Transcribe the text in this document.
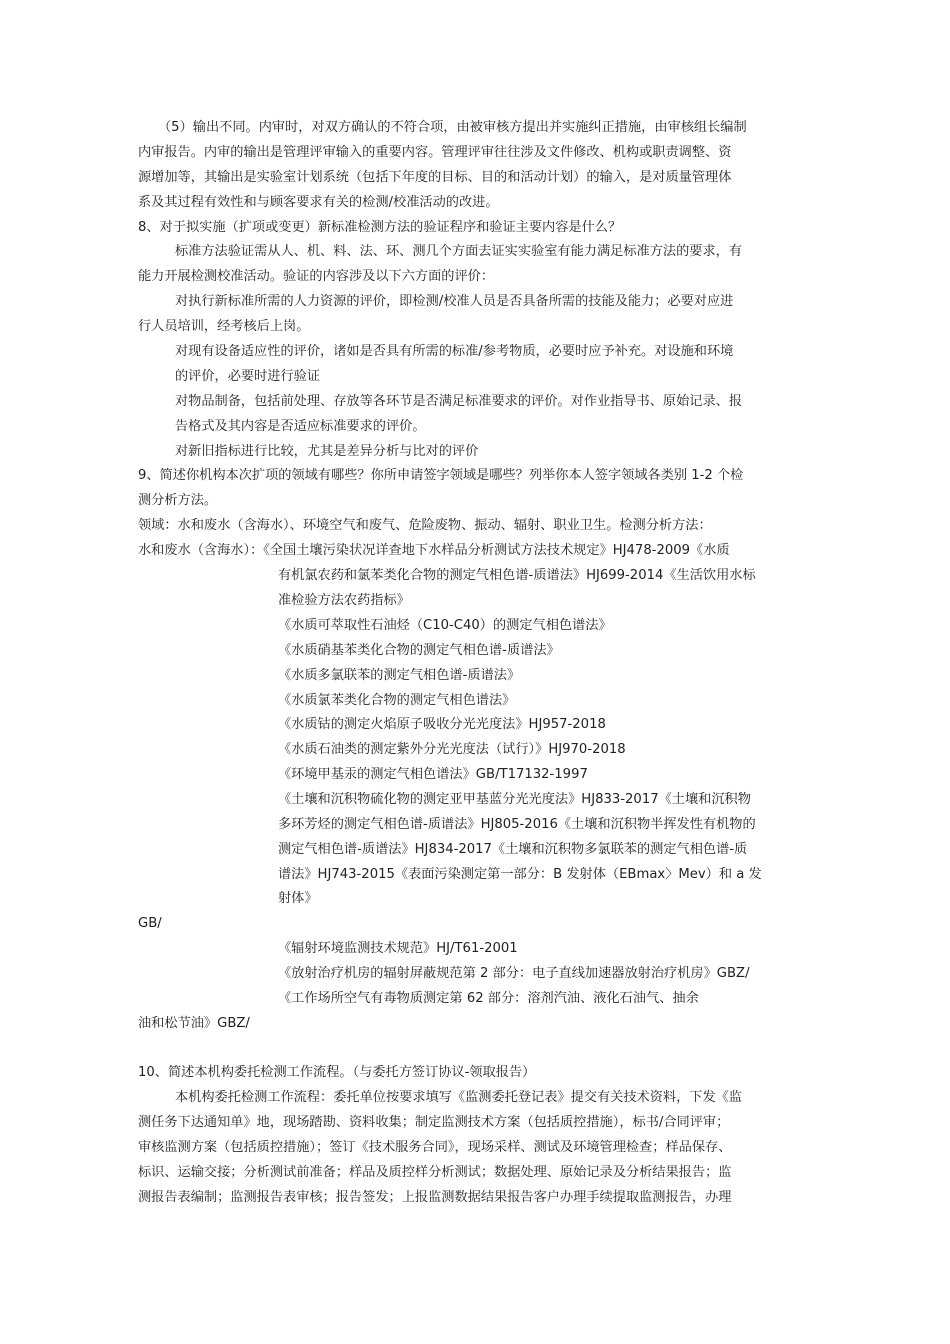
（5）输出不同。内审时，对双方确认的不符合项，由被审核方提出并实施纠正措施，由审核组长编制
内审报告。内审的输出是管理评审输入的重要内容。管理评审往往涉及文件修改、机构或职责调整、资
源增加等，其输出是实验室计划系统（包括下年度的目标、目的和活动计划）的输入，是对质量管理体
系及其过程有效性和与顾客要求有关的检测/校准活动的改进。
8、对于拟实施（扩项或变更）新标准检测方法的验证程序和验证主要内容是什么？
标准方法验证需从人、机、料、法、环、测几个方面去证实实验室有能力满足标准方法的要求，有
能力开展检测校准活动。验证的内容涉及以下六方面的评价：
对执行新标准所需的人力资源的评价，即检测/校准人员是否具备所需的技能及能力；必要对应进
行人员培训，经考核后上岗。
对现有设备适应性的评价，诸如是否具有所需的标准/参考物质，必要时应予补充。对设施和环境
的评价，必要时进行验证
对物品制备，包括前处理、存放等各环节是否满足标准要求的评价。对作业指导书、原始记录、报
告格式及其内容是否适应标准要求的评价。
对新旧指标进行比较，尤其是差异分析与比对的评价
9、简述你机构本次扩项的领域有哪些？你所申请签字领域是哪些？列举你本人签字领域各类别 1-2 个检
测分析方法。
领域：水和废水（含海水）、环境空气和废气、危险废物、振动、辐射、职业卫生。检测分析方法：
水和废水（含海水）：《全国土壤污染状况详查地下水样品分析测试方法技术规定》HJ478-2009《水质
有机氯农药和氯苯类化合物的测定气相色谱-质谱法》HJ699-2014《生活饮用水标
准检验方法农药指标》
《水质可萃取性石油烃（C10-C40）的测定气相色谱法》
《水质硝基苯类化合物的测定气相色谱-质谱法》
《水质多氯联苯的测定气相色谱-质谱法》
《水质氯苯类化合物的测定气相色谱法》
《水质钴的测定火焰原子吸收分光光度法》HJ957-2018
《水质石油类的测定紫外分光光度法（试行）》HJ970-2018
《环境甲基汞的测定气相色谱法》GB/T17132-1997
《土壤和沉积物硫化物的测定亚甲基蓝分光光度法》HJ833-2017《土壤和沉积物
多环芳烃的测定气相色谱-质谱法》HJ805-2016《土壤和沉积物半挥发性有机物的
测定气相色谱-质谱法》HJ834-2017《土壤和沉积物多氯联苯的测定气相色谱-质
谱法》HJ743-2015《表面污染测定第一部分：B 发射体（EBmax〉Mev）和 a 发
射体》
GB/
《辐射环境监测技术规范》HJ/T61-2001
《放射治疗机房的辐射屏蔽规范第 2 部分：电子直线加速器放射治疗机房》GBZ/
《工作场所空气有毒物质测定第 62 部分：溶剂汽油、液化石油气、抽余
油和松节油》GBZ/
10、简述本机构委托检测工作流程。（与委托方签订协议-领取报告）
本机构委托检测工作流程：委托单位按要求填写《监测委托登记表》提交有关技术资料，下发《监
测任务下达通知单》地，现场踏勘、资料收集；制定监测技术方案（包括质控措施），标书/合同评审；
审核监测方案（包括质控措施）；签订《技术服务合同》，现场采样、测试及环境管理检查；样品保存、
标识、运输交接；分析测试前准备；样品及质控样分析测试；数据处理、原始记录及分析结果报告；监
测报告表编制；监测报告表审核；报告签发；上报监测数据结果报告客户办理手续提取监测报告，办理
